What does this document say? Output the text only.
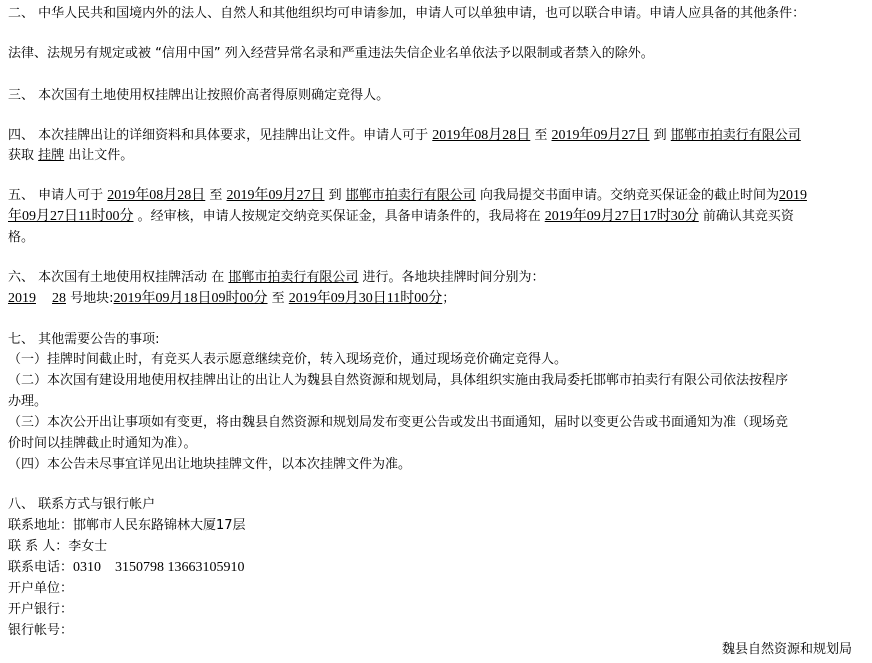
二、 中华人民共和国境内外的法人、自然人和其他组织均可申请参加，申请人可以单独申请，也可以联合申请。申请人应具备的其他条件：
法律、法规另有规定或被 “信用中国” 列入经营异常名录和严重违法失信企业名单依法予以限制或者禁入的除外。
三、 本次国有土地使用权挂牌出让按照价高者得原则确定竞得人。
四、 本次挂牌出让的详细资料和具体要求，见挂牌出让文件。申请人可于 2019年08月28日 至 2019年09月27日 到 邯郸市拍卖行有限公司
获取 挂牌 出让文件。
五、 申请人可于 2019年08月28日 至 2019年09月27日 到 邯郸市拍卖行有限公司 向我局提交书面申请。交纳竞买保证金的截止时间为2019
年09月27日11时00分 。经审核，申请人按规定交纳竞买保证金，具备申请条件的，我局将在 2019年09月27日17时30分 前确认其竞买资
格。
六、 本次国有土地使用权挂牌活动 在 邯郸市拍卖行有限公司 进行。各地块挂牌时间分别为：
2019 28 号地块:2019年09月18日09时00分 至 2019年09月30日11时00分；
七、 其他需要公告的事项:
（一）挂牌时间截止时，有竞买人表示愿意继续竞价，转入现场竞价，通过现场竞价确定竞得人。
（二）本次国有建设用地使用权挂牌出让的出让人为魏县自然资源和规划局，具体组织实施由我局委托邯郸市拍卖行有限公司依法按程序
办理。
（三）本次公开出让事项如有变更，将由魏县自然资源和规划局发布变更公告或发出书面通知，届时以变更公告或书面通知为准（现场竞
价时间以挂牌截止时通知为准）。
（四）本公告未尽事宜详见出让地块挂牌文件，以本次挂牌文件为准。
八、 联系方式与银行帐户
联系地址：邯郸市人民东路锦林大厦17层
联 系 人：李女士
联系电话：0310    3150798 13663105910
开户单位：
开户银行：
银行帐号：
魏县自然资源和规划局
